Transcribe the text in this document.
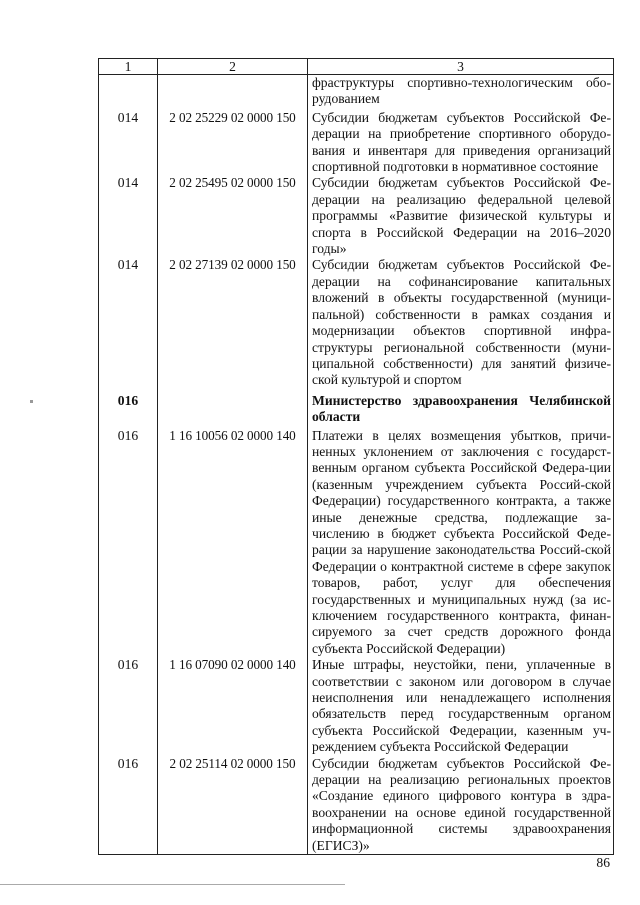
1	2	3
		фраструктуры спортивно-технологическим обо-рудованием
014	2 02 25229 02 0000 150	Субсидии бюджетам субъектов Российской Фе-дерации на приобретение спортивного оборудо-вания и инвентаря для приведения организаций спортивной подготовки в нормативное состояние
014	2 02 25495 02 0000 150	Субсидии бюджетам субъектов Российской Фе-дерации на реализацию федеральной целевой программы «Развитие физической культуры и спорта в Российской Федерации на 2016–2020 годы»
014	2 02 27139 02 0000 150	Субсидии бюджетам субъектов Российской Фе-дерации на софинансирование капитальных вложений в объекты государственной (муници-пальной) собственности в рамках создания и модернизации объектов спортивной инфра-структуры региональной собственности (муни-ципальной собственности) для занятий физиче-ской культурой и спортом
016		Министерство здравоохранения Челябинской области
016	1 16 10056 02 0000 140	Платежи в целях возмещения убытков, причи-ненных уклонением от заключения с государст-венным органом субъекта Российской Федера-ции (казенным учреждением субъекта Россий-ской Федерации) государственного контракта, а также иные денежные средства, подлежащие за-числению в бюджет субъекта Российской Феде-рации за нарушение законодательства Россий-ской Федерации о контрактной системе в сфере закупок товаров, работ, услуг для обеспечения государственных и муниципальных нужд (за ис-ключением государственного контракта, финан-сируемого за счет средств дорожного фонда субъекта Российской Федерации)
016	1 16 07090 02 0000 140	Иные штрафы, неустойки, пени, уплаченные в соответствии с законом или договором в случае неисполнения или ненадлежащего исполнения обязательств перед государственным органом субъекта Российской Федерации, казенным уч-реждением субъекта Российской Федерации
016	2 02 25114 02 0000 150	Субсидии бюджетам субъектов Российской Фе-дерации на реализацию региональных проектов «Создание единого цифрового контура в здра-воохранении на основе единой государственной информационной системы здравоохранения (ЕГИСЗ)»
86
